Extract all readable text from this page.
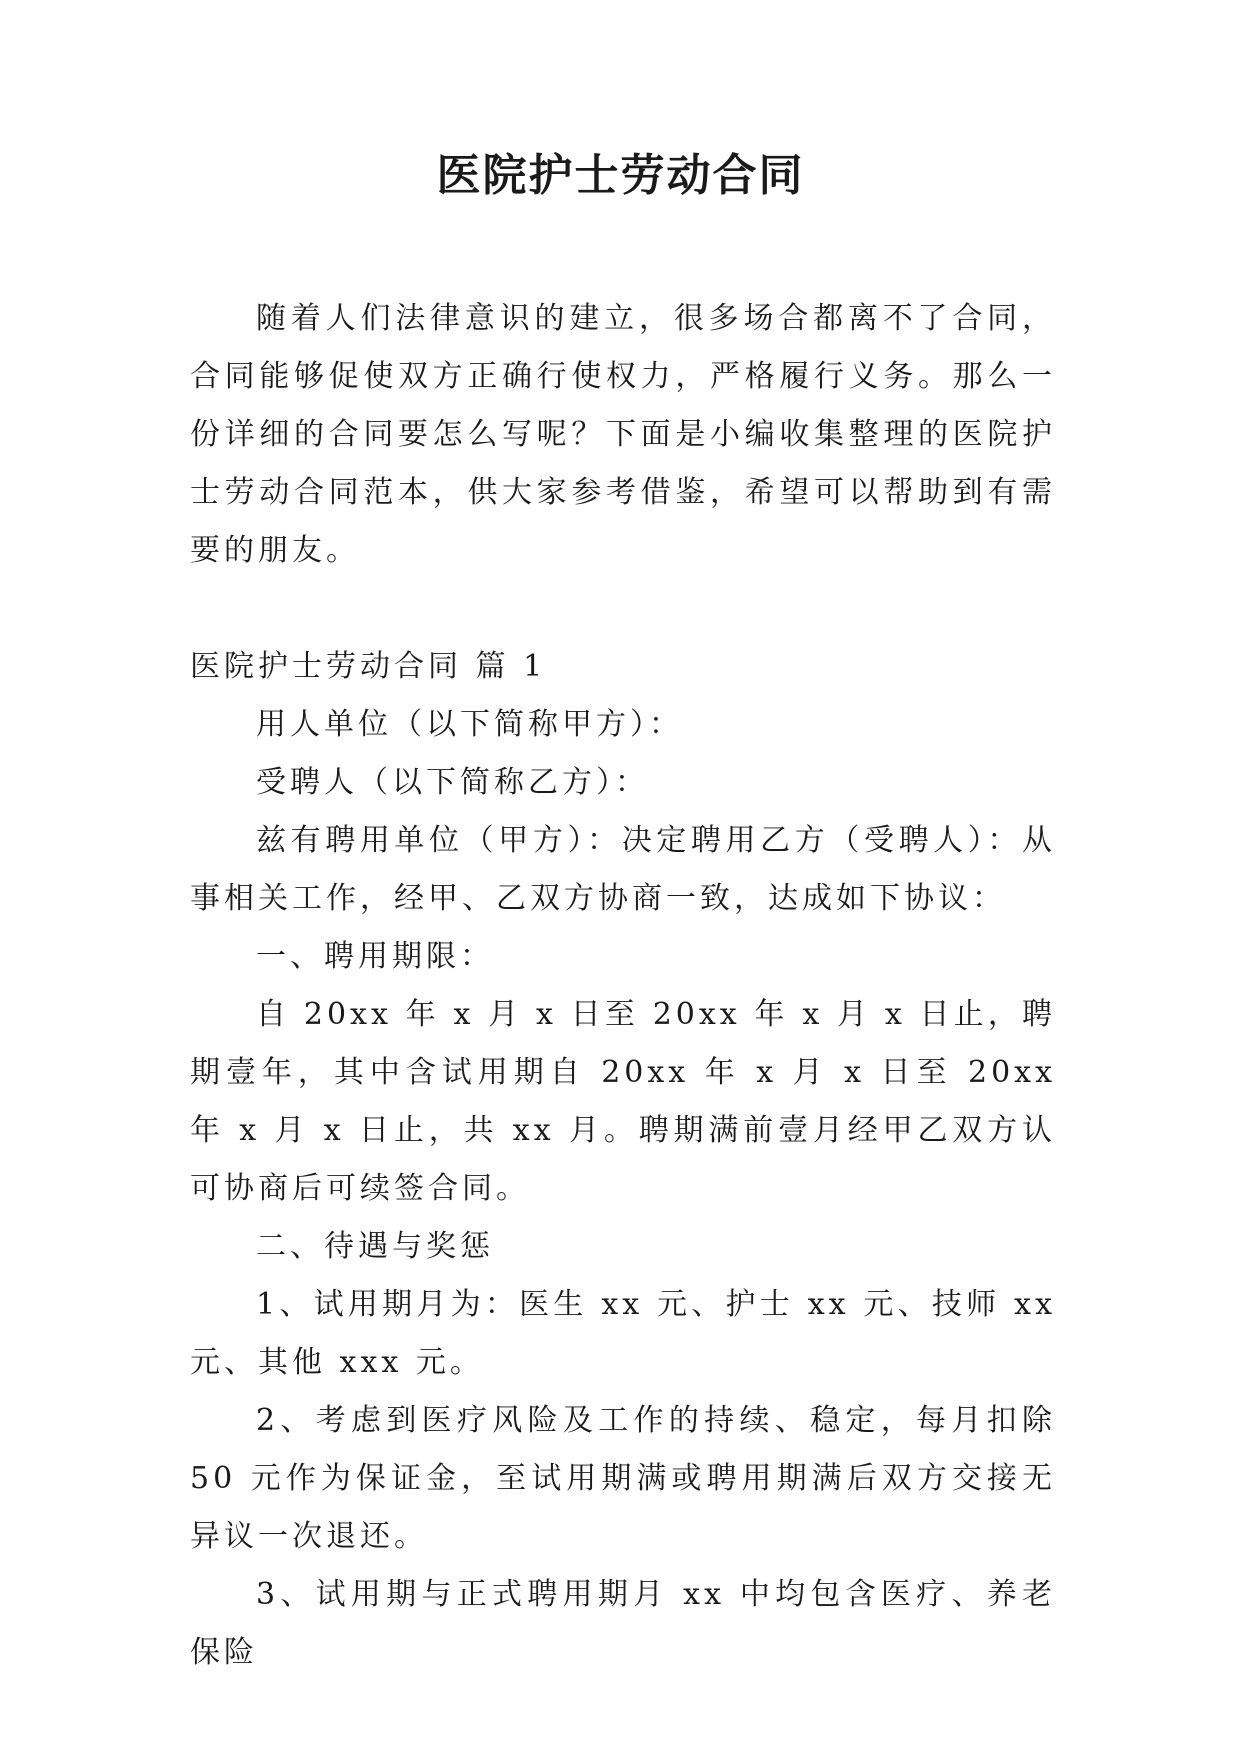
医院护士劳动合同

随着人们法律意识的建立，很多场合都离不了合同，合同能够促使双方正确行使权力，严格履行义务。那么一份详细的合同要怎么写呢？下面是小编收集整理的医院护士劳动合同范本，供大家参考借鉴，希望可以帮助到有需要的朋友。

医院护士劳动合同 篇 1

用人单位（以下简称甲方）：

受聘人（以下简称乙方）：

兹有聘用单位（甲方）：决定聘用乙方（受聘人）：从事相关工作，经甲、乙双方协商一致，达成如下协议：

一、聘用期限：

自 20xx 年 x 月 x 日至 20xx 年 x 月 x 日止，聘期壹年，其中含试用期自 20xx 年 x 月 x 日至 20xx 年 x 月 x 日止，共 xx 月。聘期满前壹月经甲乙双方认可协商后可续签合同。

二、待遇与奖惩

1、试用期月为：医生 xx 元、护士 xx 元、技师 xx 元、其他 xxx 元。

2、考虑到医疗风险及工作的持续、稳定，每月扣除 50 元作为保证金，至试用期满或聘用期满后双方交接无异议一次退还。

3、试用期与正式聘用期月 xx 中均包含医疗、养老保险
